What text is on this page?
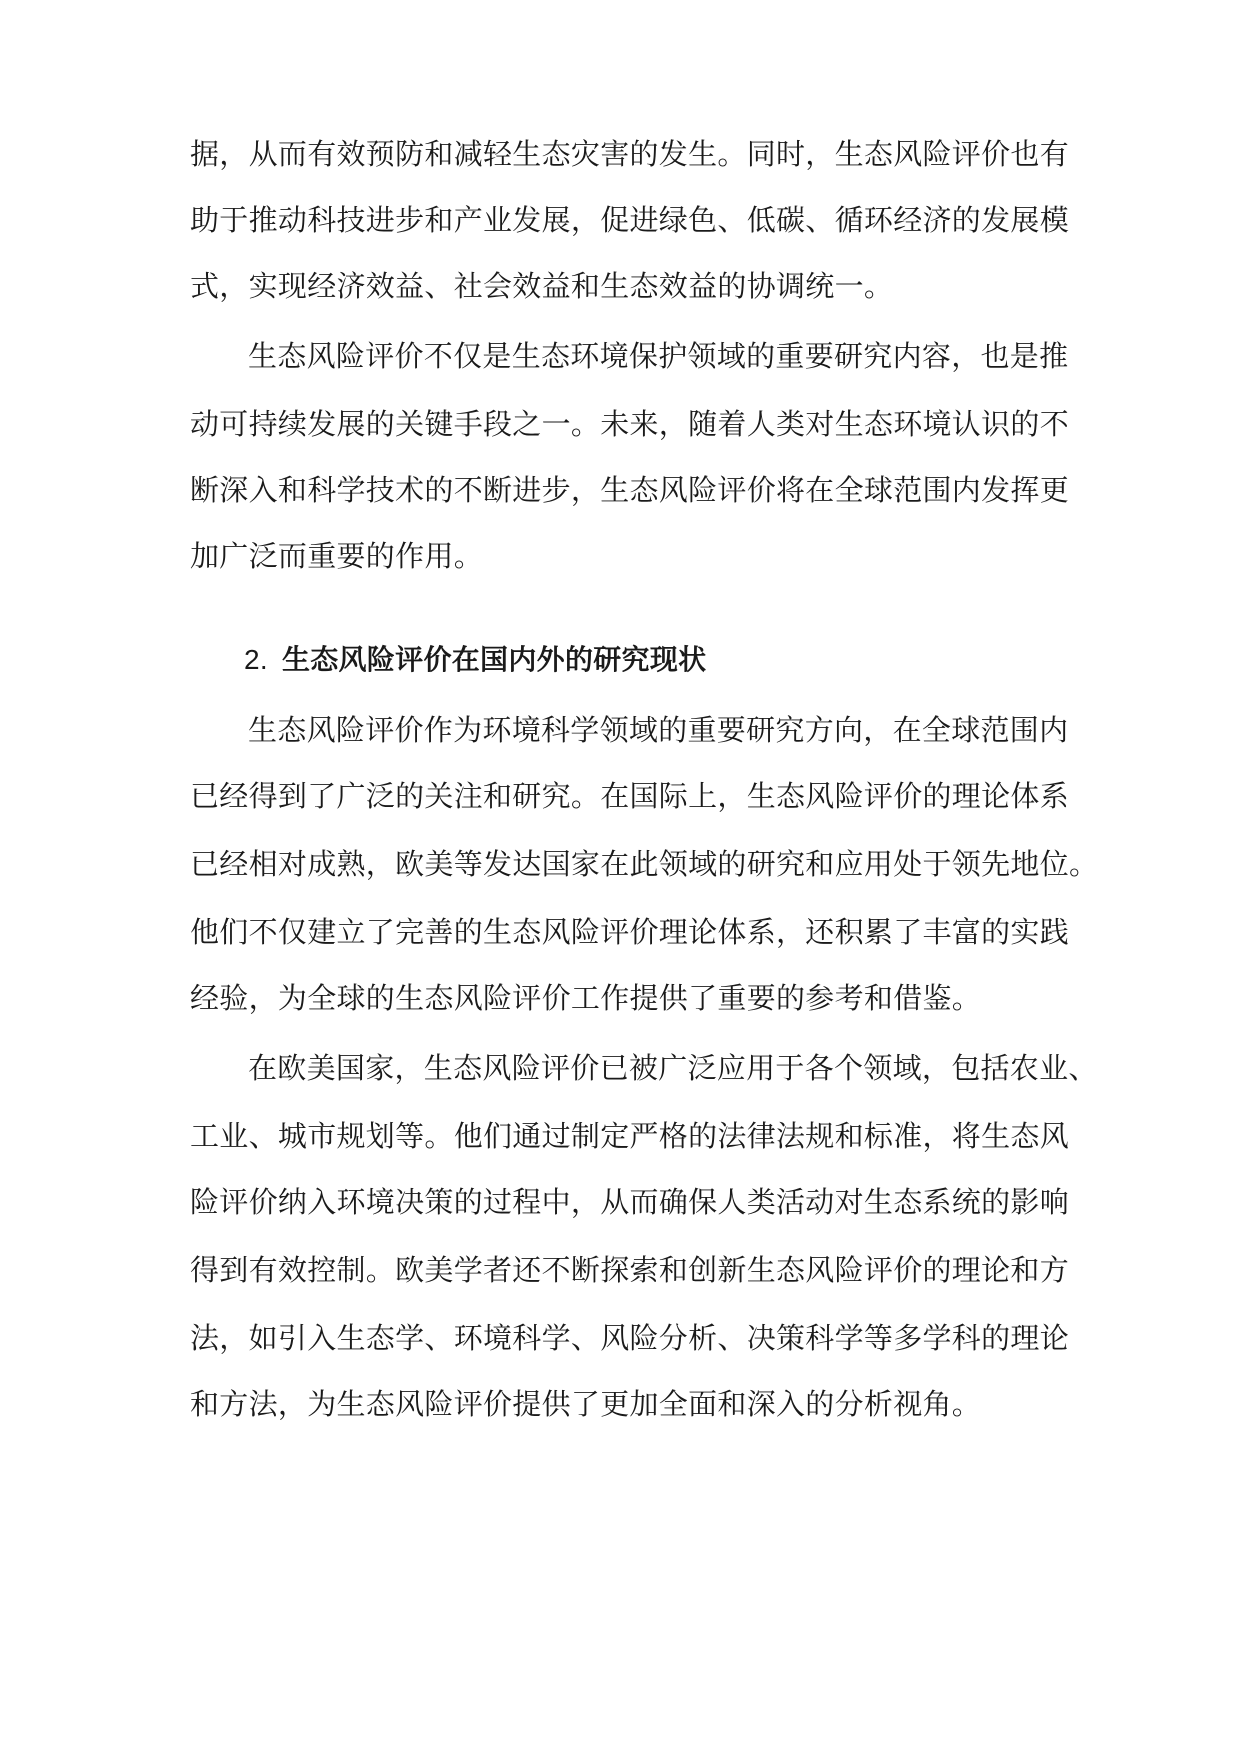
据，从而有效预防和减轻生态灾害的发生。同时，生态风险评价也有
助于推动科技进步和产业发展，促进绿色、低碳、循环经济的发展模
式，实现经济效益、社会效益和生态效益的协调统一。
生态风险评价不仅是生态环境保护领域的重要研究内容，也是推
动可持续发展的关键手段之一。未来，随着人类对生态环境认识的不
断深入和科学技术的不断进步，生态风险评价将在全球范围内发挥更
加广泛而重要的作用。
2. 生态风险评价在国内外的研究现状
生态风险评价作为环境科学领域的重要研究方向，在全球范围内
已经得到了广泛的关注和研究。在国际上，生态风险评价的理论体系
已经相对成熟，欧美等发达国家在此领域的研究和应用处于领先地位。
他们不仅建立了完善的生态风险评价理论体系，还积累了丰富的实践
经验，为全球的生态风险评价工作提供了重要的参考和借鉴。
在欧美国家，生态风险评价已被广泛应用于各个领域，包括农业、
工业、城市规划等。他们通过制定严格的法律法规和标准，将生态风
险评价纳入环境决策的过程中，从而确保人类活动对生态系统的影响
得到有效控制。欧美学者还不断探索和创新生态风险评价的理论和方
法，如引入生态学、环境科学、风险分析、决策科学等多学科的理论
和方法，为生态风险评价提供了更加全面和深入的分析视角。
